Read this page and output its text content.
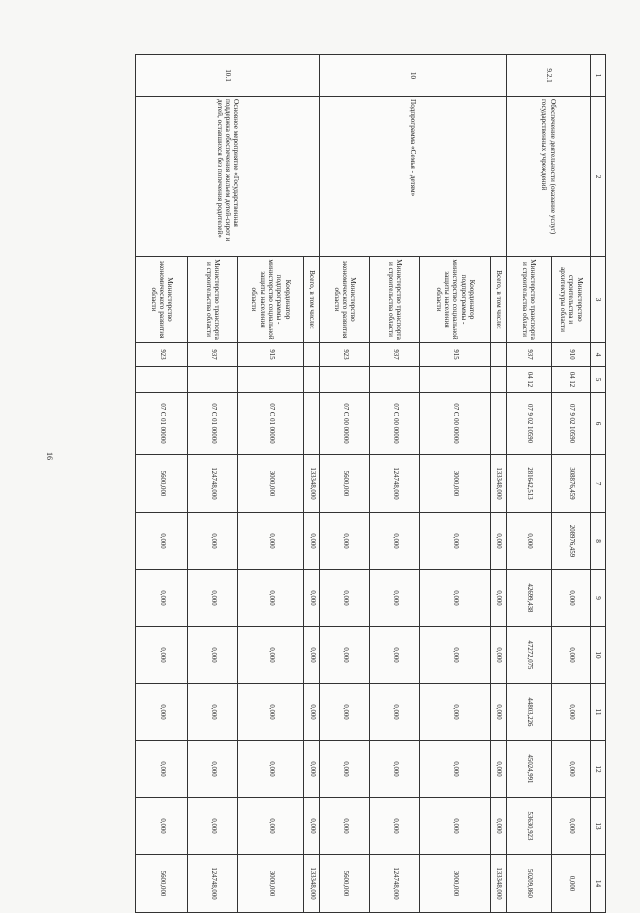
16
1	2	3	4	5	6	7	8	9	10	11	12	13	14
9.2.1	Обеспечение деятельности (оказание услуг) государственных учреждений	Министерство строительства и архитектуры области	910	04 12	07 9 02 10590	308876,459	208976,459	0,000	0,000	0,000	0,000	0,000	0,000
		Министерство транспорта и строительства области	937	04 12	07 9 02 10590	281642,513	0,000	42699,438	47272,075	44803,226	45024,991	53630,923	50209,860
10	Подпрограмма «Семья - детям»	Всего, в том числе:				133348,000	0,000	0,000	0,000	0,000	0,000	0,000	133348,000
		Координатор подпрограммы - министерство социальной защиты населения области	915		07 С 00 00000	3000,000	0,000	0,000	0,000	0,000	0,000	0,000	3000,000
		Министерство транспорта и строительства области	937		07 С 00 00000	124748,000	0,000	0,000	0,000	0,000	0,000	0,000	124748,000
		Министерство экономического развития области	923		07 С 00 00000	5600,000	0,000	0,000	0,000	0,000	0,000	0,000	5600,000
10.1	Основное мероприятие «Государственная поддержка обеспечения жильем детей-сирот и детей, оставшихся без попечения родителей»	Всего, в том числе:				133348,000	0,000	0,000	0,000	0,000	0,000	0,000	133348,000
		Координатор подпрограммы - министерство социальной защиты населения области	915		07 С 01 00000	3000,000	0,000	0,000	0,000	0,000	0,000	0,000	3000,000
		Министерство транспорта и строительства области	937		07 С 01 00000	124748,000	0,000	0,000	0,000	0,000	0,000	0,000	124748,000
		Министерство экономического развития области	923		07 С 01 00000	5600,000	0,000	0,000	0,000	0,000	0,000	0,000	5600,000
